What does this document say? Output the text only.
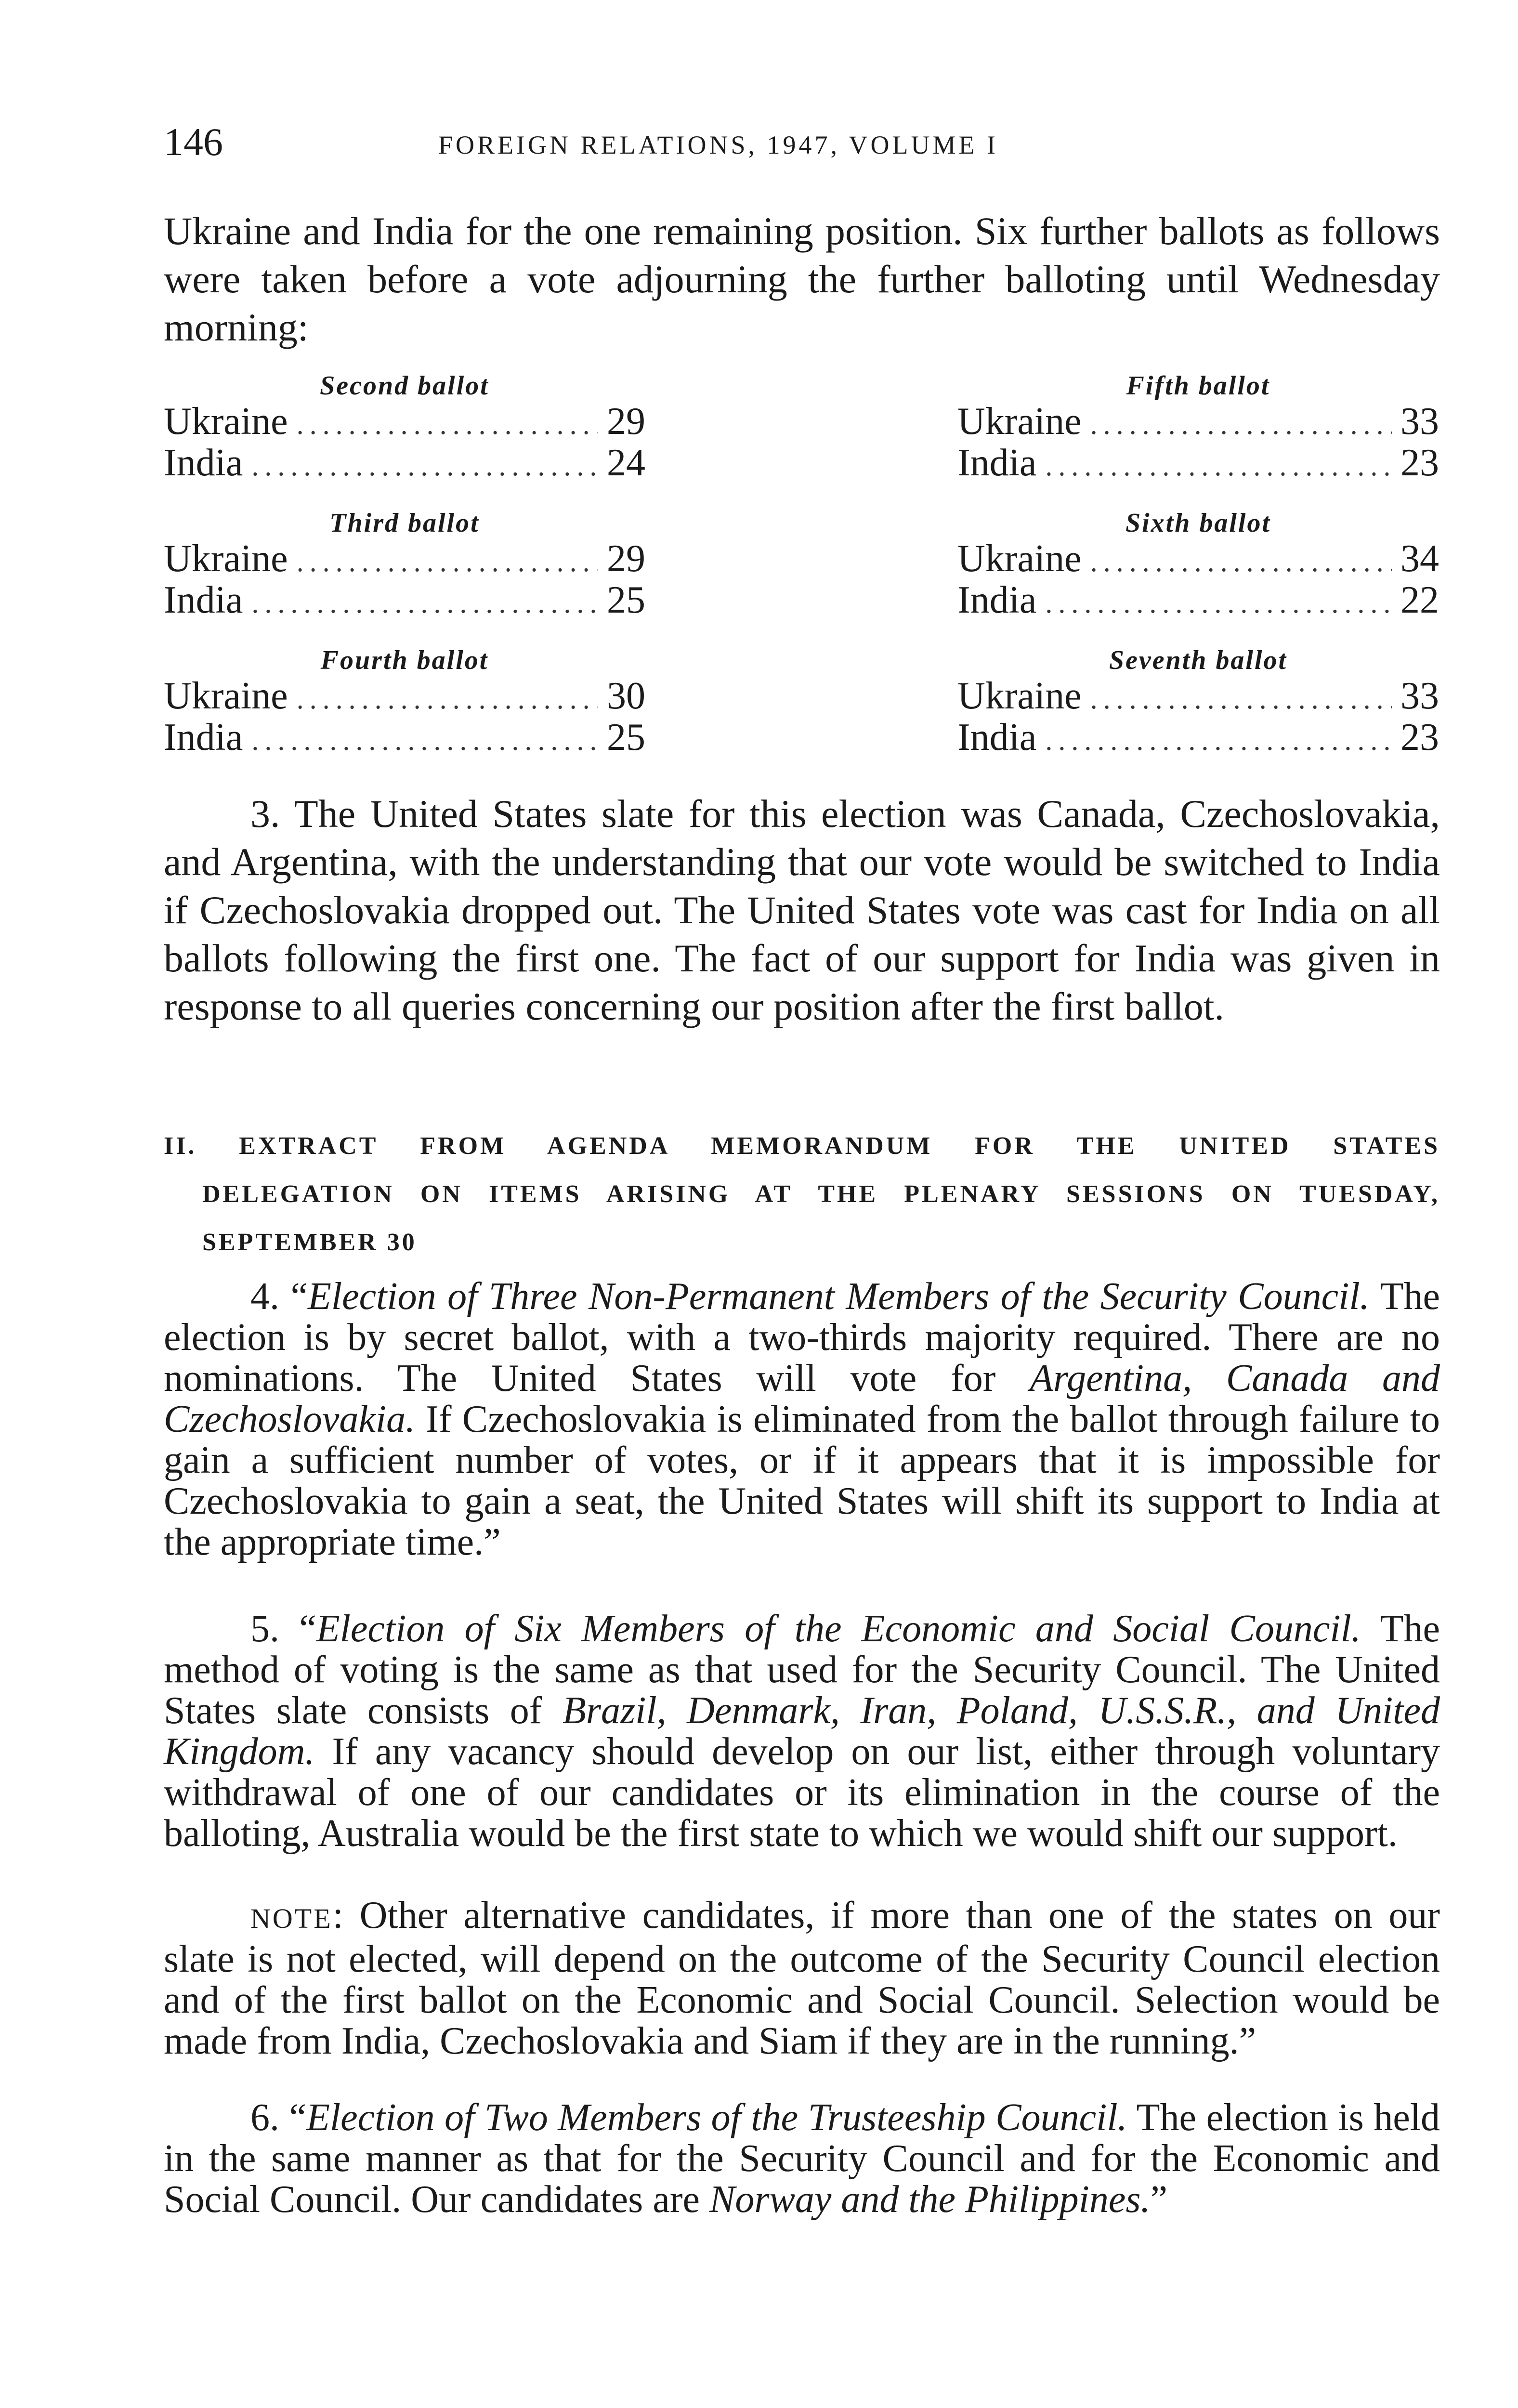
146	FOREIGN RELATIONS, 1947, VOLUME I

Ukraine and India for the one remaining position. Six further ballots as follows were taken before a vote adjourning the further balloting until Wednesday morning:

Second ballot
Ukraine .....	29
India .....	24
Third ballot
Ukraine .....	29
India .....	25
Fourth ballot
Ukraine .....	30
India .....	25
Fifth ballot
Ukraine .....	33
India .....	23
Sixth ballot
Ukraine .....	34
India .....	22
Seventh ballot
Ukraine .....	33
India .....	23

3. The United States slate for this election was Canada, Czechoslovakia, and Argentina, with the understanding that our vote would be switched to India if Czechoslovakia dropped out. The United States vote was cast for India on all ballots following the first one. The fact of our support for India was given in response to all queries concerning our position after the first ballot.

II. EXTRACT FROM AGENDA MEMORANDUM FOR THE UNITED STATES
DELEGATION ON ITEMS ARISING AT THE PLENARY SESSIONS ON TUESDAY,
SEPTEMBER 30

4. “Election of Three Non-Permanent Members of the Security Council. The election is by secret ballot, with a two-thirds majority required. There are no nominations. The United States will vote for Argentina, Canada and Czechoslovakia. If Czechoslovakia is eliminated from the ballot through failure to gain a sufficient number of votes, or if it appears that it is impossible for Czechoslovakia to gain a seat, the United States will shift its support to India at the appropriate time.”

5. “Election of Six Members of the Economic and Social Council. The method of voting is the same as that used for the Security Council. The United States slate consists of Brazil, Denmark, Iran, Poland, U.S.S.R., and United Kingdom. If any vacancy should develop on our list, either through voluntary withdrawal of one of our candidates or its elimination in the course of the balloting, Australia would be the first state to which we would shift our support.

NOTE: Other alternative candidates, if more than one of the states on our slate is not elected, will depend on the outcome of the Security Council election and of the first ballot on the Economic and Social Council. Selection would be made from India, Czechoslovakia and Siam if they are in the running.”

6. “Election of Two Members of the Trusteeship Council. The election is held in the same manner as that for the Security Council and for the Economic and Social Council. Our candidates are Norway and the Philippines.”
